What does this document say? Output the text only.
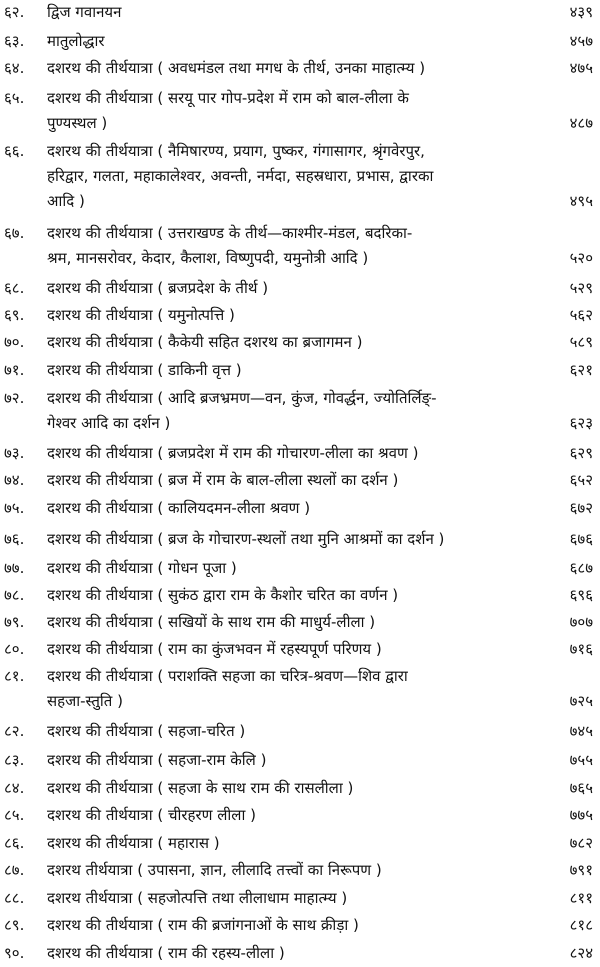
६२.	द्विज गवानयन	४३९
६३.	मातुलोद्धार	४५७
६४.	दशरथ की तीर्थयात्रा ( अवधमंडल तथा मगध के तीर्थ, उनका माहात्म्य )	४७५
६५.	दशरथ की तीर्थयात्रा ( सरयू पार गोप-प्रदेश में राम को बाल-लीला के
पुण्यस्थल )	४८७
६६.	दशरथ की तीर्थयात्रा ( नैमिषारण्य, प्रयाग, पुष्कर, गंगासागर, श्रृंगवेरपुर,
हरिद्वार, गलता, महाकालेश्वर, अवन्ती, नर्मदा, सहस्रधारा, प्रभास, द्वारका
आदि )	४९५
६७.	दशरथ की तीर्थयात्रा ( उत्तराखण्ड के तीर्थ—काश्मीर-मंडल, बदरिका-
श्रम, मानसरोवर, केदार, कैलाश, विष्णुपदी, यमुनोत्री आदि )	५२०
६८.	दशरथ की तीर्थयात्रा ( ब्रजप्रदेश के तीर्थ )	५२९
६९.	दशरथ की तीर्थयात्रा ( यमुनोत्पत्ति )	५६२
७०.	दशरथ की तीर्थयात्रा ( कैकेयी सहित दशरथ का ब्रजागमन )	५८९
७१.	दशरथ की तीर्थयात्रा ( डाकिनी वृत्त )	६२१
७२.	दशरथ की तीर्थयात्रा ( आदि ब्रजभ्रमण—वन, कुंज, गोवर्द्धन, ज्योतिर्लिङ्-
गेश्वर आदि का दर्शन )	६२३
७३.	दशरथ की तीर्थयात्रा ( ब्रजप्रदेश में राम की गोचारण-लीला का श्रवण )	६२९
७४.	दशरथ की तीर्थयात्रा ( ब्रज में राम के बाल-लीला स्थलों का दर्शन )	६५२
७५.	दशरथ की तीर्थयात्रा ( कालियदमन-लीला श्रवण )	६७२
७६.	दशरथ की तीर्थयात्रा ( ब्रज के गोचारण-स्थलों तथा मुनि आश्रमों का दर्शन )	६७६
७७.	दशरथ की तीर्थयात्रा ( गोधन पूजा )	६८७
७८.	दशरथ की तीर्थयात्रा ( सुकंठ द्वारा राम के कैशोर चरित का वर्णन )	६९६
७९.	दशरथ की तीर्थयात्रा ( सखियों के साथ राम की माधुर्य-लीला )	७०७
८०.	दशरथ की तीर्थयात्रा ( राम का कुंजभवन में रहस्यपूर्ण परिणय )	७१६
८१.	दशरथ की तीर्थयात्रा ( पराशक्ति सहजा का चरित्र-श्रवण—शिव द्वारा
सहजा-स्तुति )	७२५
८२.	दशरथ की तीर्थयात्रा ( सहजा-चरित )	७४५
८३.	दशरथ की तीर्थयात्रा ( सहजा-राम केलि )	७५५
८४.	दशरथ की तीर्थयात्रा ( सहजा के साथ राम की रासलीला )	७६५
८५.	दशरथ की तीर्थयात्रा ( चीरहरण लीला )	७७५
८६.	दशरथ की तीर्थयात्रा ( महारास )	७८२
८७.	दशरथ तीर्थयात्रा ( उपासना, ज्ञान, लीलादि तत्त्वों का निरूपण )	७९१
८८.	दशरथ तीर्थयात्रा ( सहजोत्पत्ति तथा लीलाधाम माहात्म्य )	८११
८९.	दशरथ की तीर्थयात्रा ( राम की ब्रजांगनाओं के साथ क्रीड़ा )	८१८
९०.	दशरथ की तीर्थयात्रा ( राम की रहस्य-लीला )	८२४
